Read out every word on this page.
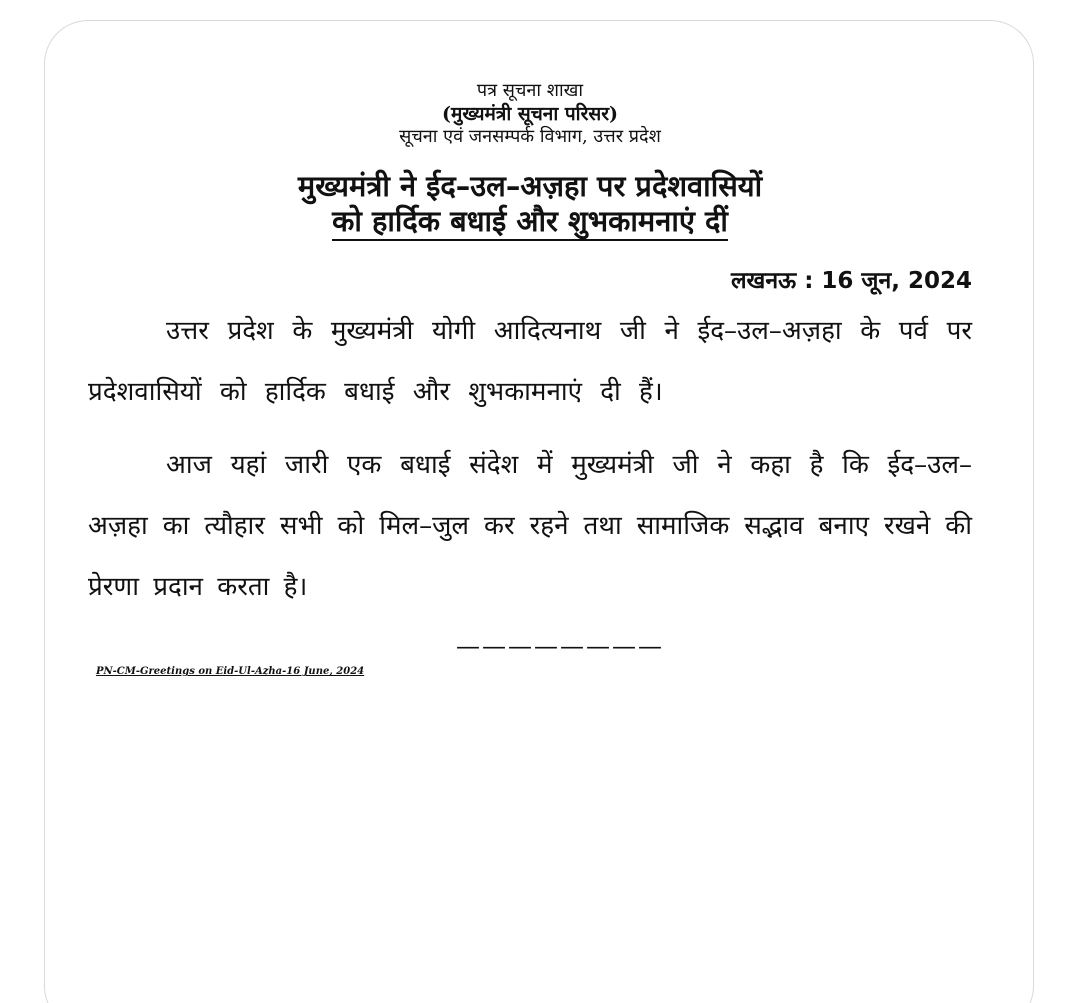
पत्र सूचना शाखा
(मुख्यमंत्री सूचना परिसर)
सूचना एवं जनसम्पर्क विभाग, उत्तर प्रदेश
मुख्यमंत्री ने ईद–उल–अज़हा पर प्रदेशवासियों
को हार्दिक बधाई और शुभकामनाएं दीं
लखनऊ : 16 जून, 2024

उत्तर प्रदेश के मुख्यमंत्री योगी आदित्यनाथ जी ने ईद–उल–अज़हा के पर्व पर प्रदेशवासियों को हार्दिक बधाई और शुभकामनाएं दी हैं।

आज यहां जारी एक बधाई संदेश में मुख्यमंत्री जी ने कहा है कि ईद–उल–अज़हा का त्यौहार सभी को मिल–जुल कर रहने तथा सामाजिक सद्भाव बनाए रखने की प्रेरणा प्रदान करता है।

————————
PN-CM-Greetings on Eid-Ul-Azha-16 June, 2024
